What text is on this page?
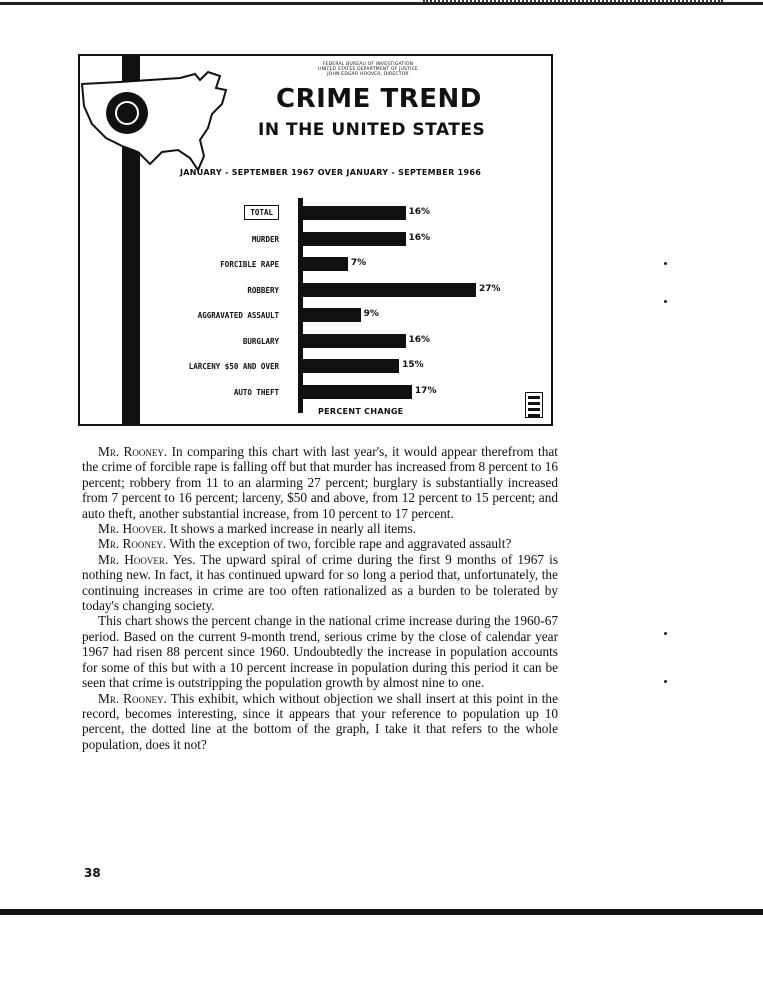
FEDERAL BUREAU OF INVESTIGATION
UNITED STATES DEPARTMENT OF JUSTICE
JOHN EDGAR HOOVER, DIRECTOR
CRIME TREND
IN THE UNITED STATES
JANUARY - SEPTEMBER 1967 OVER JANUARY - SEPTEMBER 1966
TOTAL	16%
MURDER	16%
FORCIBLE RAPE	7%
ROBBERY	27%
AGGRAVATED ASSAULT	9%
BURGLARY	16%
LARCENY $50 AND OVER	15%
AUTO THEFT	17%
PERCENT CHANGE

Mr. Rooney. In comparing this chart with last year's, it would appear therefrom that the crime of forcible rape is falling off but that murder has increased from 8 percent to 16 percent; robbery from 11 to an alarming 27 percent; burglary is substantially increased from 7 percent to 16 percent; larceny, $50 and above, from 12 percent to 15 percent; and auto theft, another substantial increase, from 10 percent to 17 percent.

Mr. Hoover. It shows a marked increase in nearly all items.

Mr. Rooney. With the exception of two, forcible rape and aggravated assault?

Mr. Hoover. Yes. The upward spiral of crime during the first 9 months of 1967 is nothing new. In fact, it has continued upward for so long a period that, unfortunately, the continuing increases in crime are too often rationalized as a burden to be tolerated by today's changing society.

This chart shows the percent change in the national crime increase during the 1960-67 period. Based on the current 9-month trend, serious crime by the close of calendar year 1967 had risen 88 percent since 1960. Undoubtedly the increase in population accounts for some of this but with a 10 percent increase in population during this period it can be seen that crime is outstripping the population growth by almost nine to one.

Mr. Rooney. This exhibit, which without objection we shall insert at this point in the record, becomes interesting, since it appears that your reference to population up 10 percent, the dotted line at the bottom of the graph, I take it that refers to the whole population, does it not?

38
